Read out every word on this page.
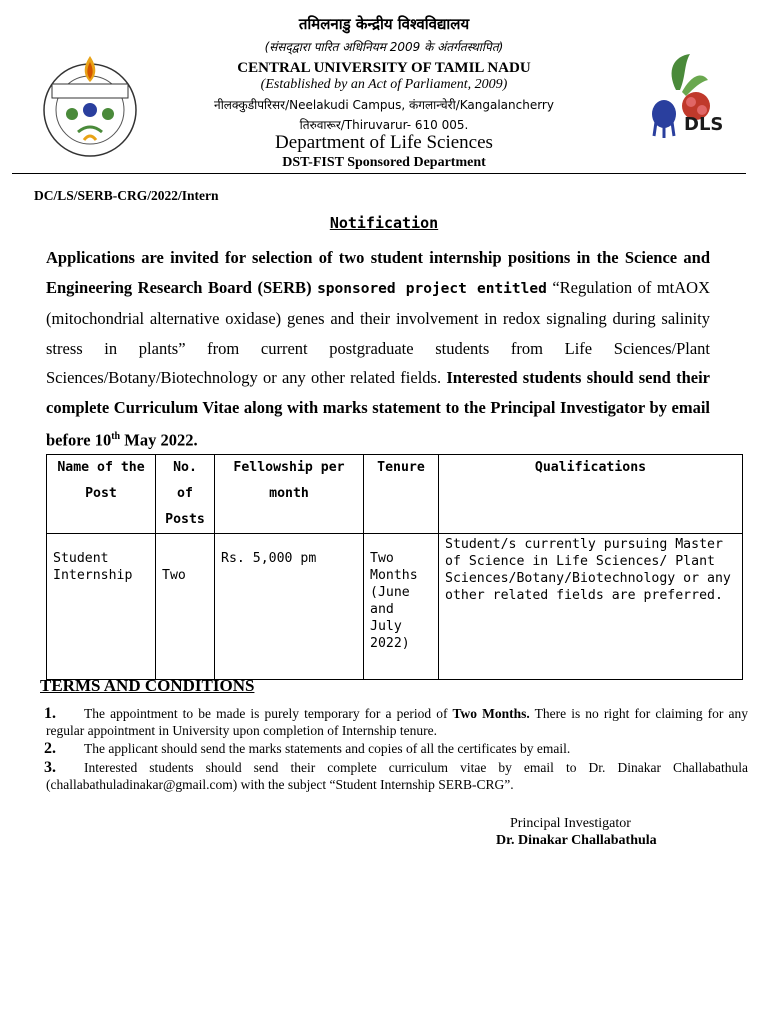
DLS
तमिलनाडु केन्द्रीय विश्वविद्यालय
(संसद्‌द्वारा पारित अधिनियम 2009 के अंतर्गतस्थापित)
CENTRAL UNIVERSITY OF TAMIL NADU
(Established by an Act of Parliament, 2009)
नीलक्कुडीपरिसर/Neelakudi Campus, कंगलान्चेरी/Kangalancherry
तिरुवारूर/Thiruvarur- 610 005.
Department of Life Sciences
DST-FIST Sponsored Department
DC/LS/SERB-CRG/2022/Intern
Notification
Applications are invited for selection of two student internship positions in the Science and Engineering Research Board (SERB) sponsored project entitled “Regulation of mtAOX (mitochondrial alternative oxidase) genes and their involvement in redox signaling during salinity stress in plants” from current postgraduate students from Life Sciences/Plant Sciences/Botany/Biotechnology or any other related fields. Interested students should send their complete Curriculum Vitae along with marks statement to the Principal Investigator by email before 10th May 2022.
Name of the Post	No. of Posts	Fellowship per month	Tenure	Qualifications

Student Internship	Two	Rs. 5,000 pm	Two Months (June and July 2022)	Student/s currently pursuing Master of Science in Life Sciences/ Plant Sciences/Botany/Biotechnology or any other related fields are preferred.
TERMS AND CONDITIONS
1. The appointment to be made is purely temporary for a period of Two Months. There is no right for claiming for any regular appointment in University upon completion of Internship tenure.
2. The applicant should send the marks statements and copies of all the certificates by email.
3. Interested students should send their complete curriculum vitae by email to Dr. Dinakar Challabathula (challabathuladinakar@gmail.com) with the subject “Student Internship SERB-CRG”.
Principal Investigator
Dr. Dinakar Challabathula
